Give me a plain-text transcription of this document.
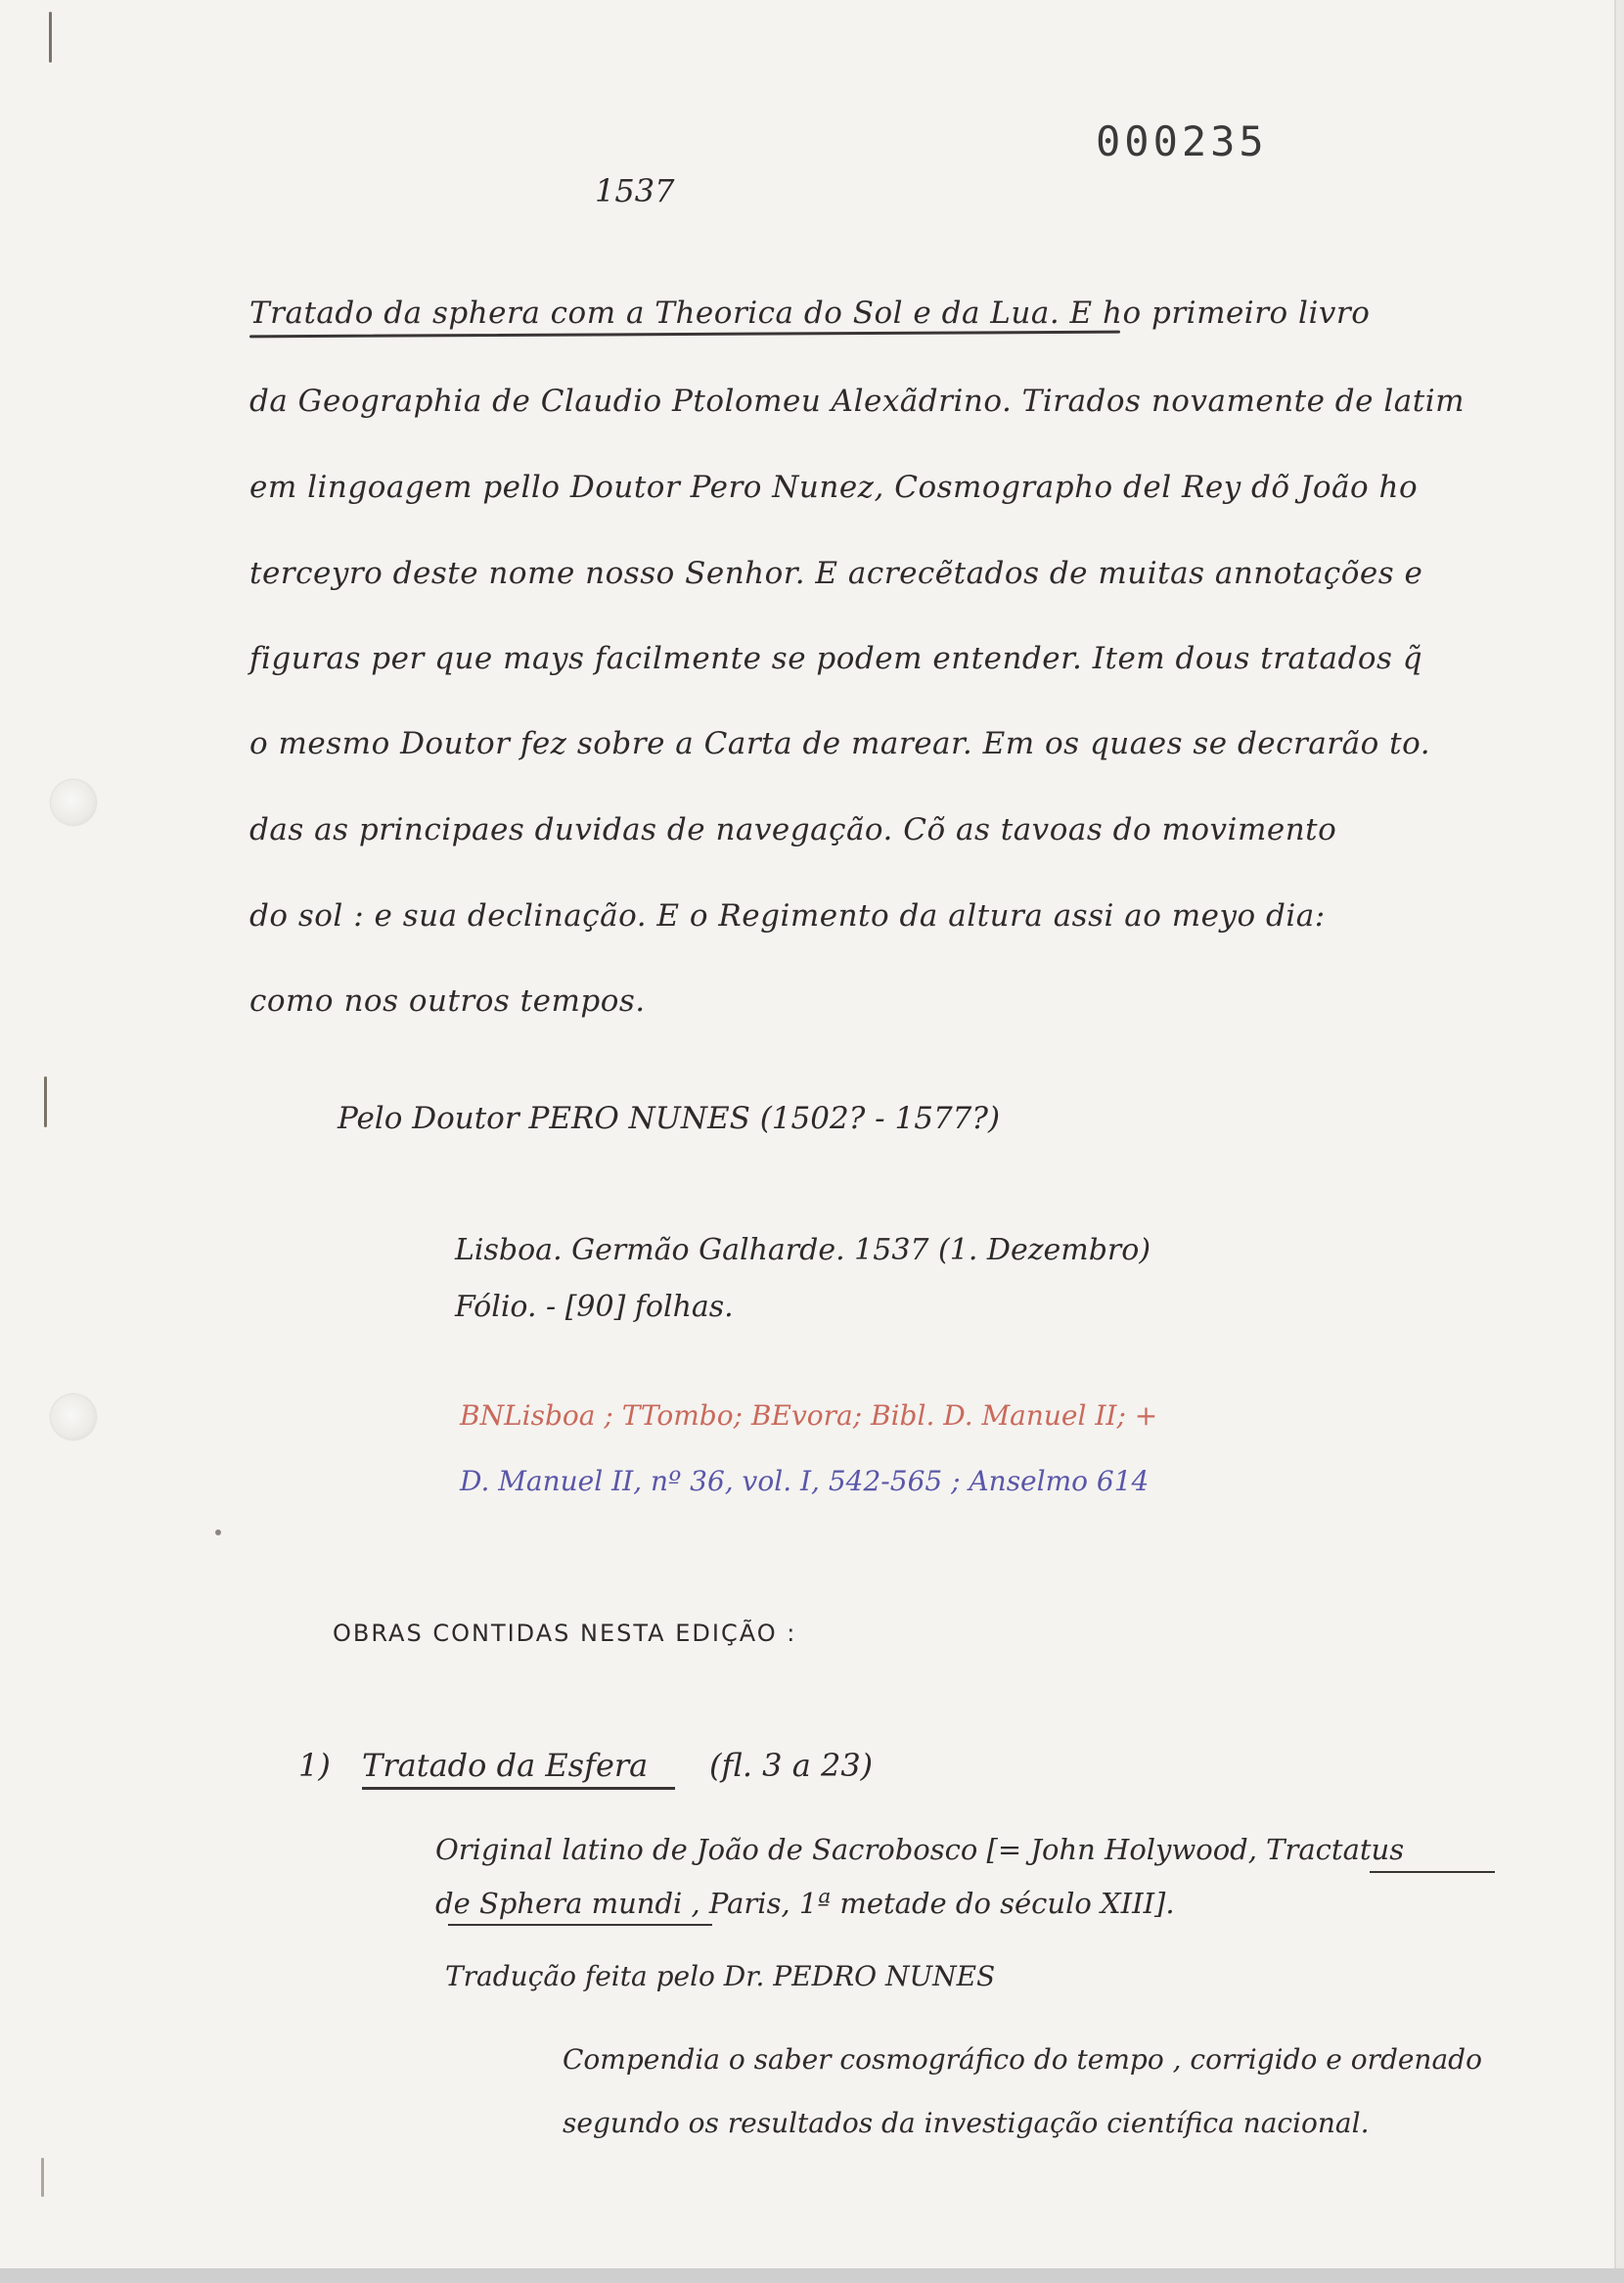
000235
1537
Tratado da sphera com a Theorica do Sol e da Lua. E ho primeiro livro
da Geographia de Claudio Ptolomeu Alexãdrino. Tirados novamente de latim
em lingoagem pello Doutor Pero Nunez, Cosmographo del Rey dõ João ho
terceyro deste nome nosso Senhor. E acrecẽtados de muitas annotações e
figuras per que mays facilmente se podem entender. Item dous tratados q̃
o mesmo Doutor fez sobre a Carta de marear. Em os quaes se decrarão to.
das as principaes duvidas de navegação. Cõ as tavoas do movimento
do sol : e sua declinação. E o Regimento da altura assi ao meyo dia:
como nos outros tempos.
Pelo Doutor PERO NUNES (1502? - 1577?)
Lisboa. Germão Galharde. 1537 (1. Dezembro)
Fólio. - [90] folhas.
BNLisboa ; TTombo; BEvora; Bibl. D. Manuel II; +
D. Manuel II, nº 36, vol. I, 542-565 ; Anselmo 614
OBRAS CONTIDAS NESTA EDIÇÃO :
1) Tratado da Esfera (fl. 3 a 23)
Original latino de João de Sacrobosco [= John Holywood, Tractatus
de Sphera mundi , Paris, 1ª metade do século XIII].
Tradução feita pelo Dr. PEDRO NUNES
Compendia o saber cosmográfico do tempo , corrigido e ordenado
segundo os resultados da investigação científica nacional.
